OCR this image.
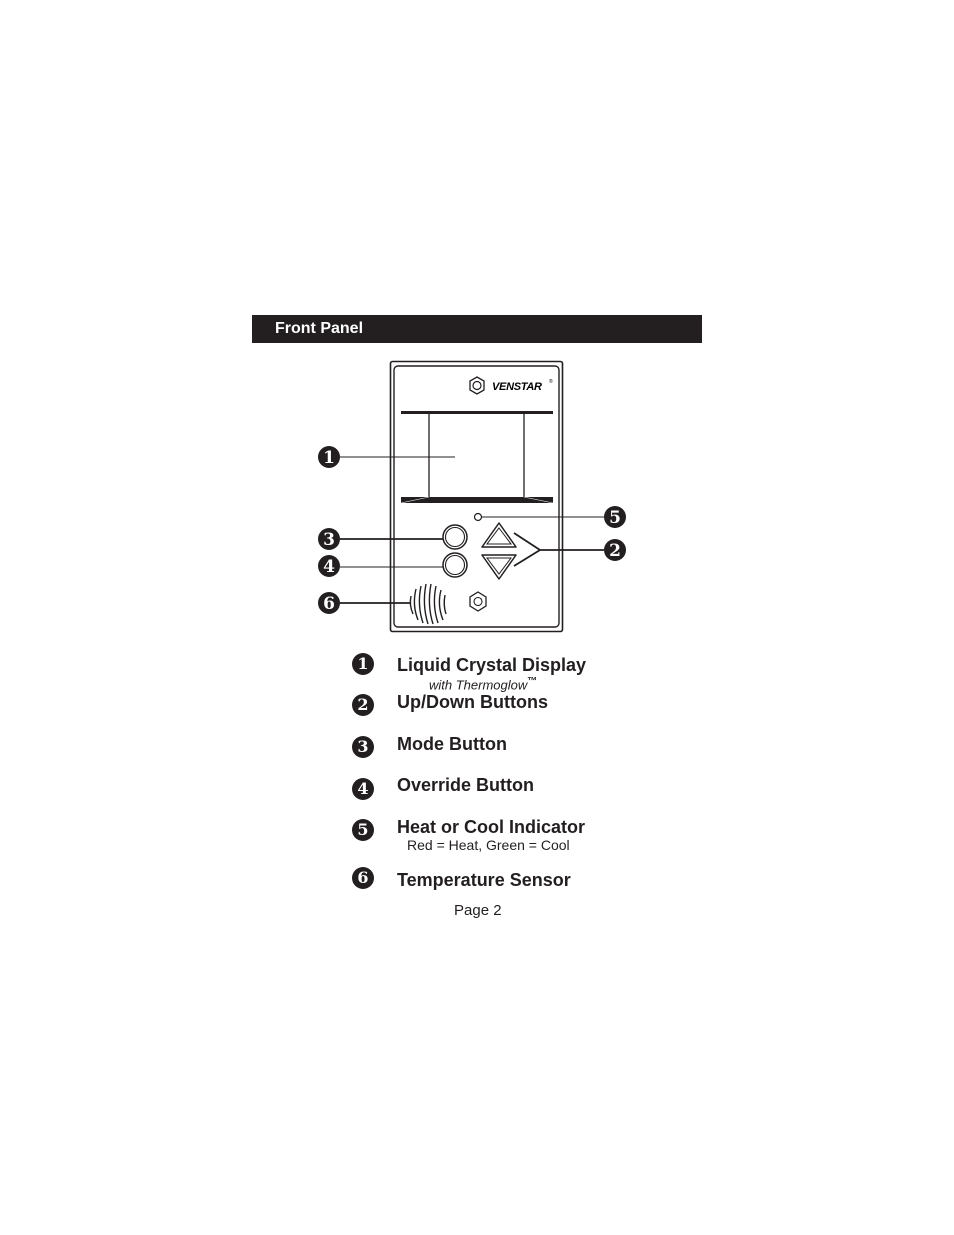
Front Panel
VENSTAR ®
1
3
4
6
5
2
1	Liquid Crystal Display
with Thermoglow™
2	Up/Down Buttons
3	Mode Button
4	Override Button
5	Heat or Cool Indicator
Red = Heat, Green = Cool
6	Temperature Sensor
Page 2
